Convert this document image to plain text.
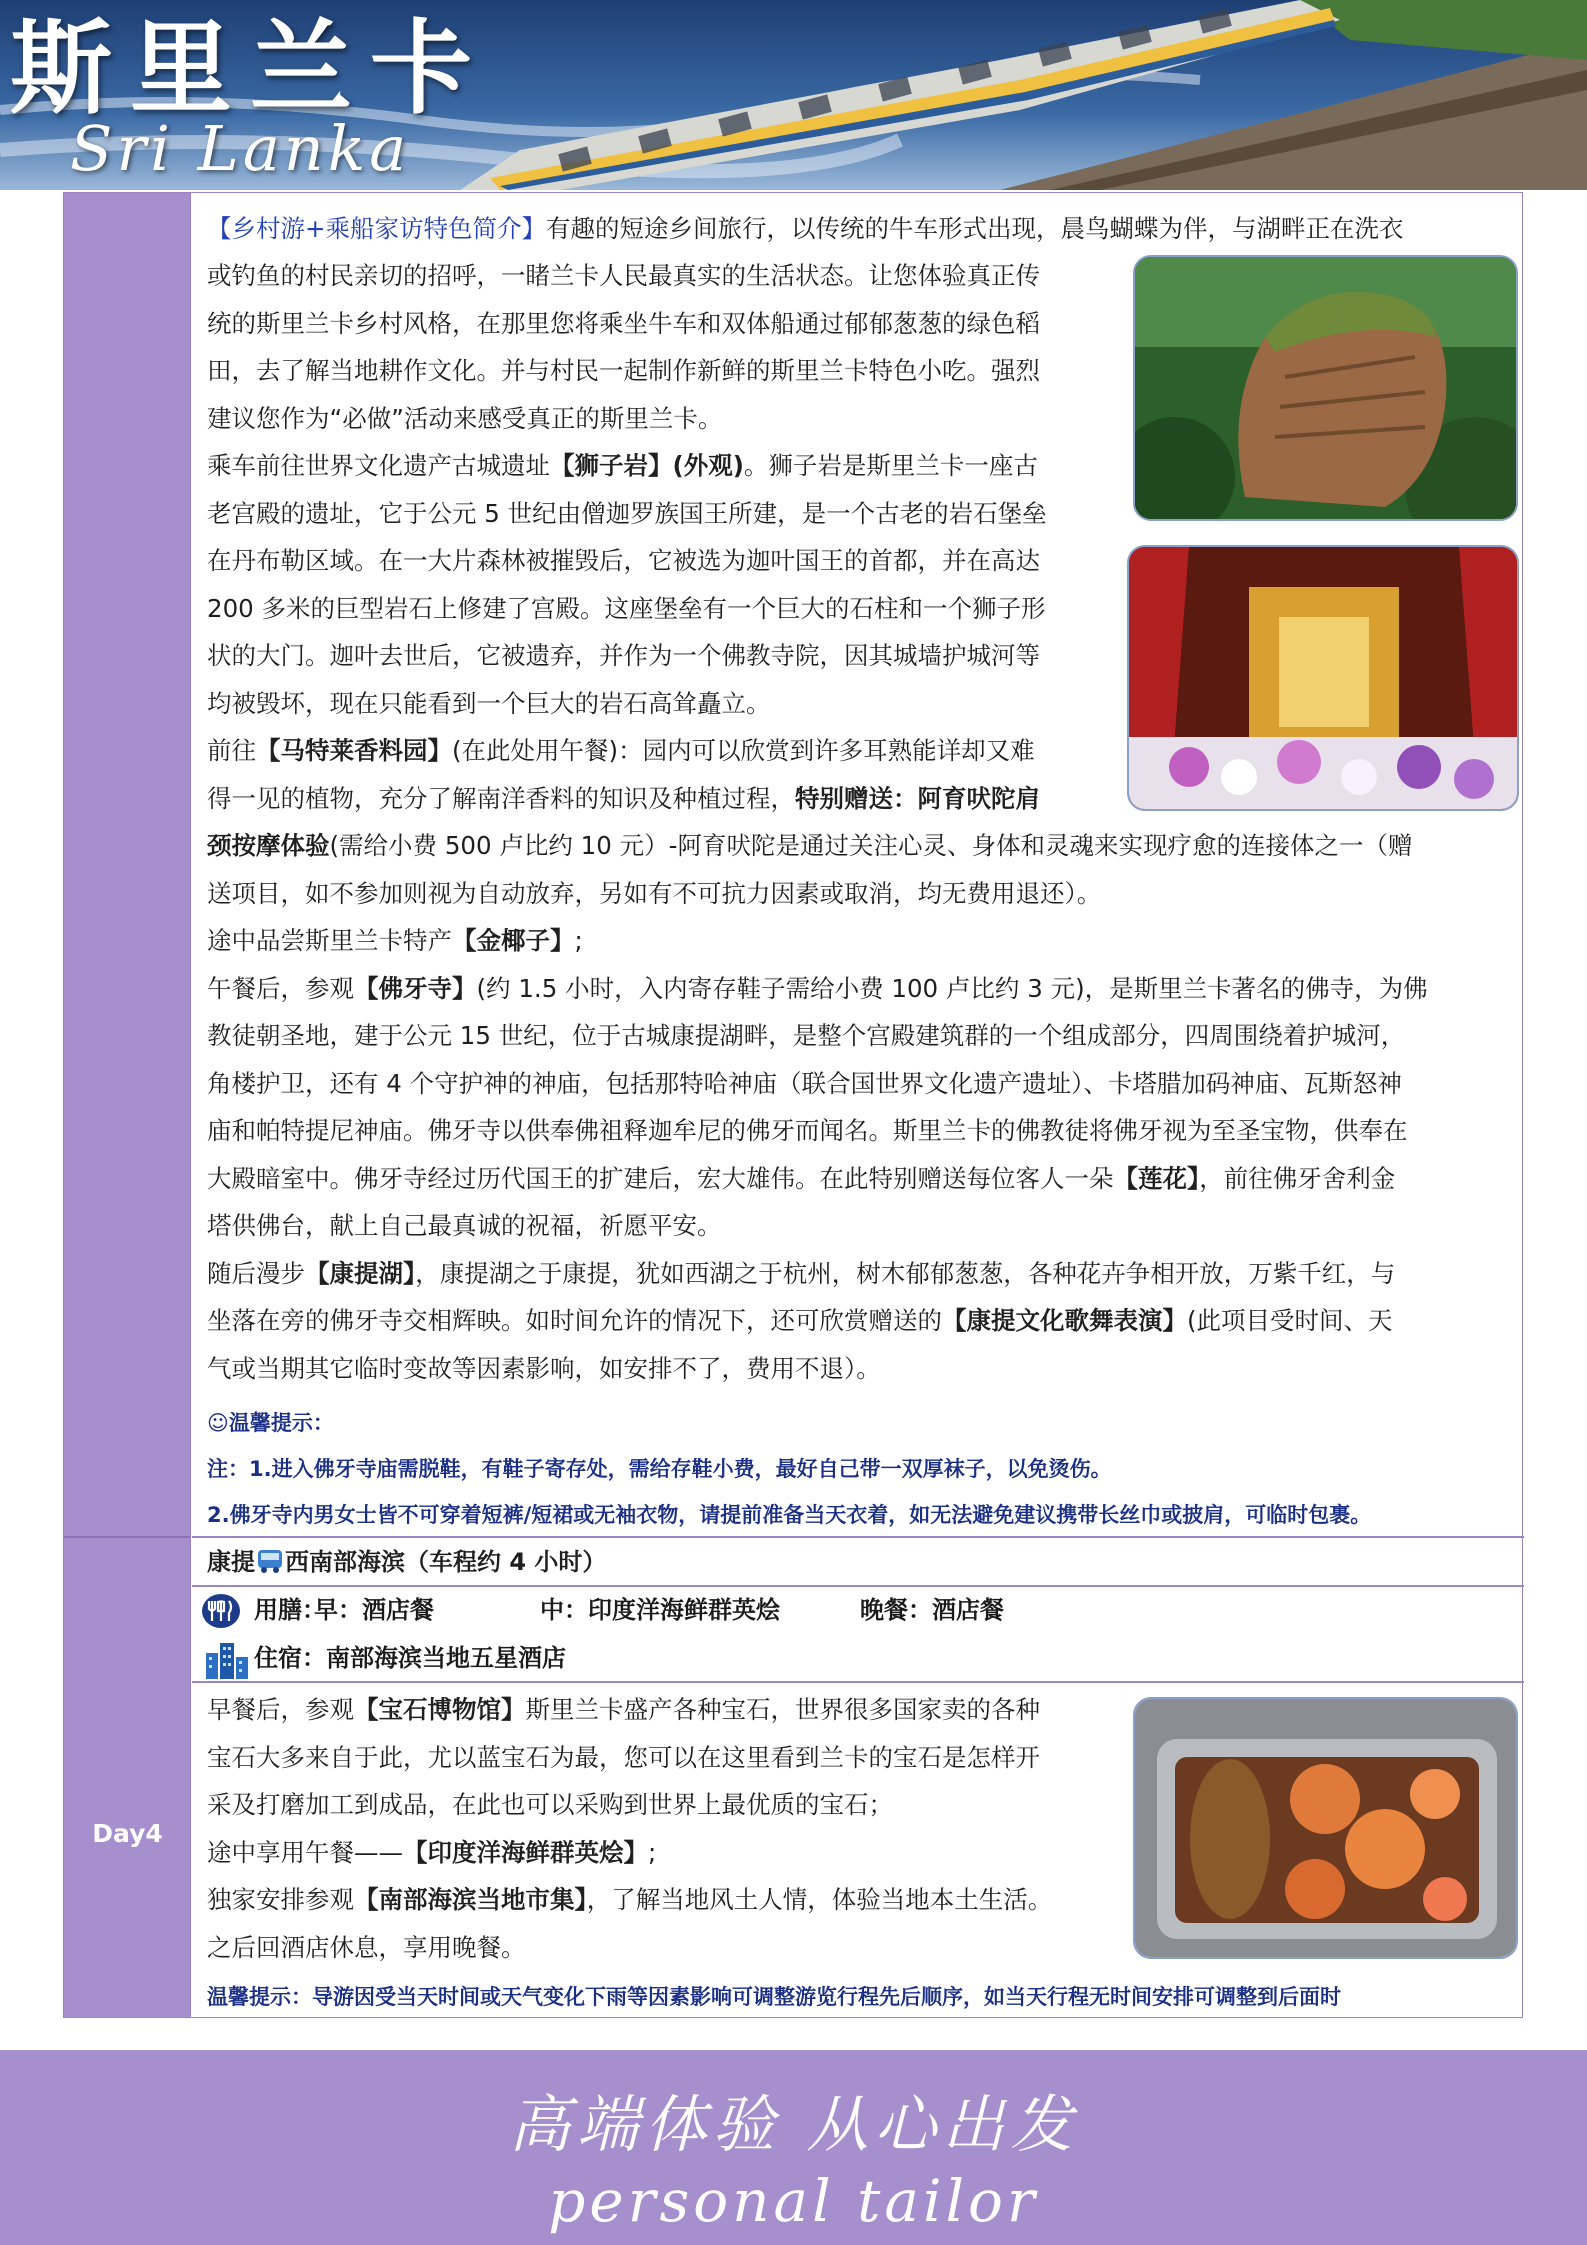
斯里兰卡
Sri Lanka
Day4
【乡村游+乘船家访特色简介】有趣的短途乡间旅行，以传统的牛车形式出现，晨鸟蝴蝶为伴，与湖畔正在洗衣
或钓鱼的村民亲切的招呼，一睹兰卡人民最真实的生活状态。让您体验真正传
统的斯里兰卡乡村风格，在那里您将乘坐牛车和双体船通过郁郁葱葱的绿色稻
田，去了解当地耕作文化。并与村民一起制作新鲜的斯里兰卡特色小吃。强烈
建议您作为“必做”活动来感受真正的斯里兰卡。
乘车前往世界文化遗产古城遗址【狮子岩】(外观)。狮子岩是斯里兰卡一座古
老宫殿的遗址，它于公元 5 世纪由僧迦罗族国王所建，是一个古老的岩石堡垒
在丹布勒区域。在一大片森林被摧毁后，它被选为迦叶国王的首都，并在高达
200 多米的巨型岩石上修建了宫殿。这座堡垒有一个巨大的石柱和一个狮子形
状的大门。迦叶去世后，它被遗弃，并作为一个佛教寺院，因其城墙护城河等
均被毁坏，现在只能看到一个巨大的岩石高耸矗立。
前往【马特莱香料园】(在此处用午餐)：园内可以欣赏到许多耳熟能详却又难
得一见的植物，充分了解南洋香料的知识及种植过程，特别赠送：阿育吠陀肩
颈按摩体验(需给小费 500 卢比约 10 元）-阿育吠陀是通过关注心灵、身体和灵魂来实现疗愈的连接体之一（赠
送项目，如不参加则视为自动放弃，另如有不可抗力因素或取消，均无费用退还）。
途中品尝斯里兰卡特产【金椰子】;
午餐后，参观【佛牙寺】(约 1.5 小时，入内寄存鞋子需给小费 100 卢比约 3 元)，是斯里兰卡著名的佛寺，为佛
教徒朝圣地，建于公元 15 世纪，位于古城康提湖畔，是整个宫殿建筑群的一个组成部分，四周围绕着护城河，
角楼护卫，还有 4 个守护神的神庙，包括那特哈神庙（联合国世界文化遗产遗址）、卡塔腊加码神庙、瓦斯怒神
庙和帕特提尼神庙。佛牙寺以供奉佛祖释迦牟尼的佛牙而闻名。斯里兰卡的佛教徒将佛牙视为至圣宝物，供奉在
大殿暗室中。佛牙寺经过历代国王的扩建后，宏大雄伟。在此特别赠送每位客人一朵【莲花】，前往佛牙舍利金
塔供佛台，献上自己最真诚的祝福，祈愿平安。
随后漫步【康提湖】，康提湖之于康提，犹如西湖之于杭州，树木郁郁葱葱，各种花卉争相开放，万紫千红，与
坐落在旁的佛牙寺交相辉映。如时间允许的情况下，还可欣赏赠送的【康提文化歌舞表演】(此项目受时间、天
气或当期其它临时变故等因素影响，如安排不了，费用不退）。
☺温馨提示：
注：1.进入佛牙寺庙需脱鞋，有鞋子寄存处，需给存鞋小费，最好自己带一双厚袜子，以免烫伤。
2.佛牙寺内男女士皆不可穿着短裤/短裙或无袖衣物，请提前准备当天衣着，如无法避免建议携带长丝巾或披肩，可临时包裹。
康提 西南部海滨（车程约 4 小时）
用膳：
早：酒店餐	中：印度洋海鲜群英烩	晚餐：酒店餐
住宿：南部海滨当地五星酒店
早餐后，参观【宝石博物馆】斯里兰卡盛产各种宝石，世界很多国家卖的各种
宝石大多来自于此，尤以蓝宝石为最，您可以在这里看到兰卡的宝石是怎样开
采及打磨加工到成品，在此也可以采购到世界上最优质的宝石；
途中享用午餐——【印度洋海鲜群英烩】;
独家安排参观【南部海滨当地市集】，了解当地风土人情，体验当地本土生活。
之后回酒店休息，享用晚餐。
温馨提示：导游因受当天时间或天气变化下雨等因素影响可调整游览行程先后顺序，如当天行程无时间安排可调整到后面时
高端体验 从心出发
personal tailor
